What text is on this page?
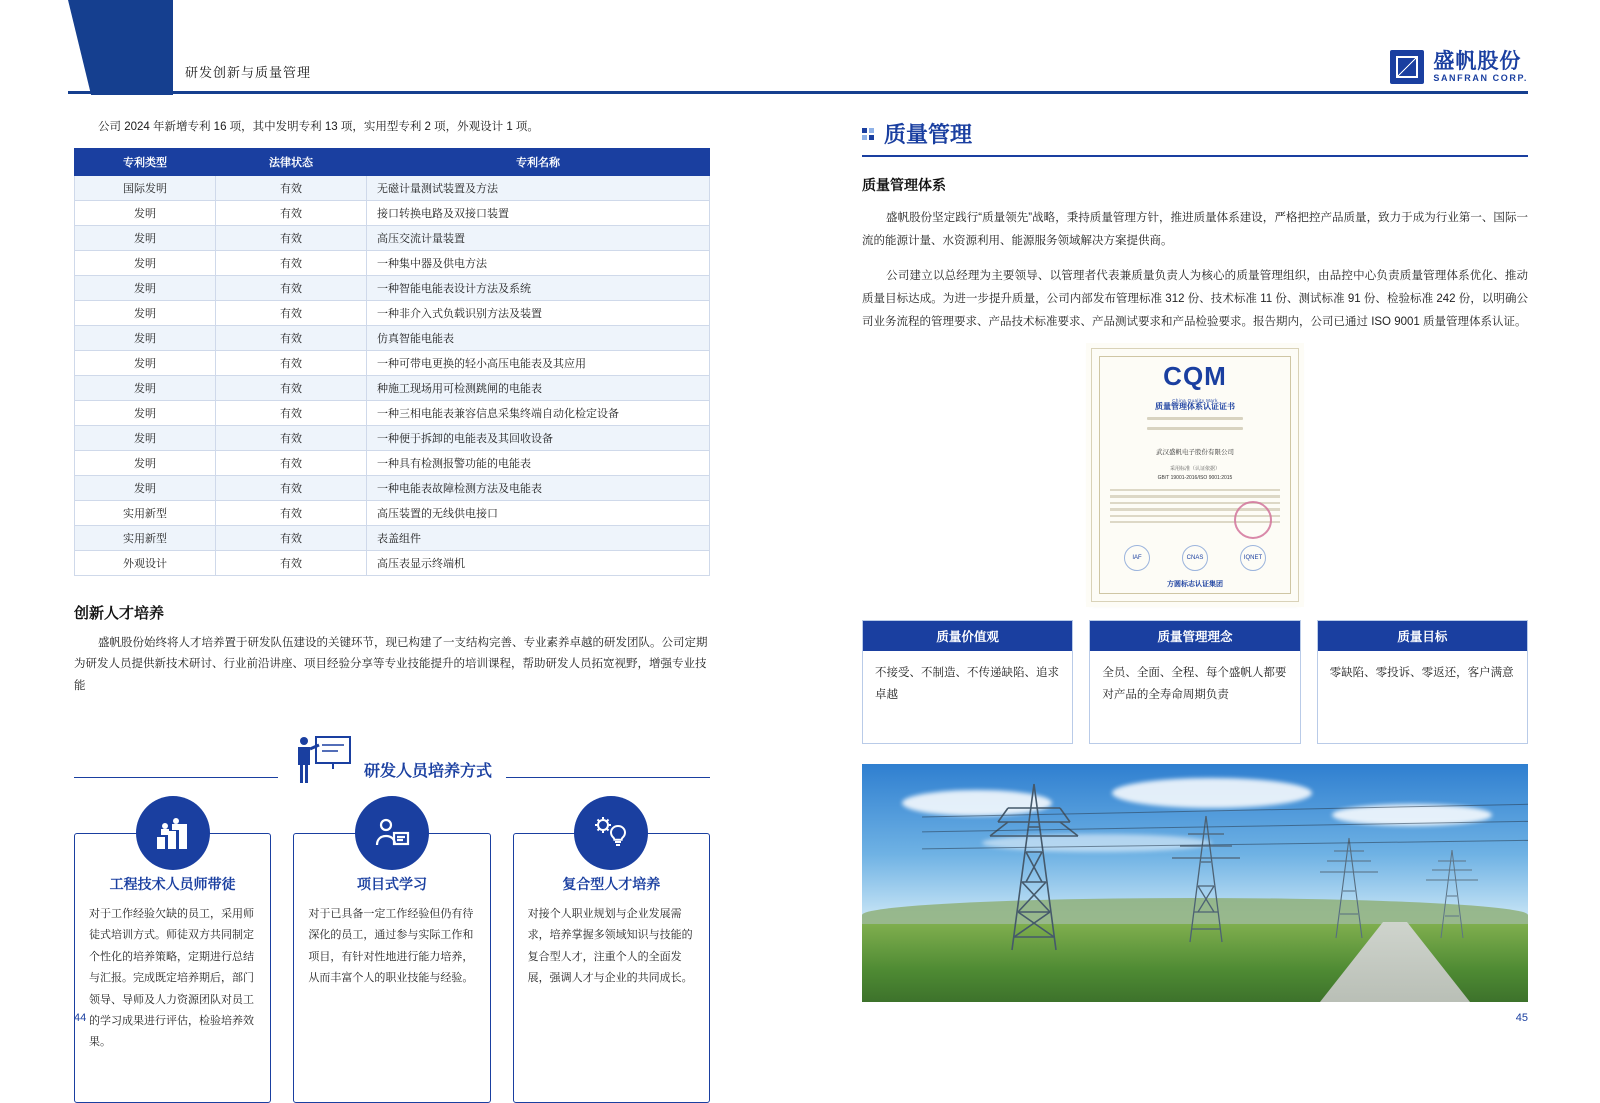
研发创新与质量管理	盛帆股份
SANFRAN CORP.

公司 2024 年新增专利 16 项，其中发明专利 13 项，实用型专利 2 项，外观设计 1 项。

专利类型	法律状态	专利名称
国际发明	有效	无磁计量测试装置及方法
发明	有效	接口转换电路及双接口装置
发明	有效	高压交流计量装置
发明	有效	一种集中器及供电方法
发明	有效	一种智能电能表设计方法及系统
发明	有效	一种非介入式负载识别方法及装置
发明	有效	仿真智能电能表
发明	有效	一种可带电更换的轻小高压电能表及其应用
发明	有效	种施工现场用可检测跳闸的电能表
发明	有效	一种三相电能表兼容信息采集终端自动化检定设备
发明	有效	一种便于拆卸的电能表及其回收设备
发明	有效	一种具有检测报警功能的电能表
发明	有效	一种电能表故障检测方法及电能表
实用新型	有效	高压装置的无线供电接口
实用新型	有效	表盖组件
外观设计	有效	高压表显示终端机
创新人才培养

盛帆股份始终将人才培养置于研发队伍建设的关键环节，现已构建了一支结构完善、专业素养卓越的研发团队。公司定期为研发人员提供新技术研讨、行业前沿讲座、项目经验分享等专业技能提升的培训课程，帮助研发人员拓宽视野，增强专业技能

研发人员培养方式
工程技术人员师带徒
对于工作经验欠缺的员工，采用师徒式培训方式。师徒双方共同制定个性化的培养策略，定期进行总结与汇报。完成既定培养期后，部门领导、导师及人力资源团队对员工的学习成果进行评估，检验培养效果。
项目式学习
对于已具备一定工作经验但仍有待深化的员工，通过参与实际工作和项目，有针对性地进行能力培养，从而丰富个人的职业技能与经验。
复合型人才培养
对接个人职业规划与企业发展需求，培养掌握多领域知识与技能的复合型人才，注重个人的全面发展，强调人才与企业的共同成长。
44
质量管理
质量管理体系

盛帆股份坚定践行“质量领先”战略，秉持质量管理方针，推进质量体系建设，严格把控产品质量，致力于成为行业第一、国际一流的能源计量、水资源利用、能源服务领域解决方案提供商。

公司建立以总经理为主要领导、以管理者代表兼质量负责人为核心的质量管理组织，由品控中心负责质量管理体系优化、推动质量目标达成。为进一步提升质量，公司内部发布管理标准 312 份、技术标准 11 份、测试标准 91 份、检验标准 242 份，以明确公司业务流程的管理要求、产品技术标准要求、产品测试要求和产品检验要求。报告期内，公司已通过 ISO 9001 质量管理体系认证。

CQM
China Quality Mark
质量管理体系认证证书
武汉盛帆电子股份有限公司
采用标准（认证依据）
GB/T 19001-2016/ISO 9001:2015
IAF	CNAS	IQNET
方圆标志认证集团
质量价值观
不接受、不制造、不传递缺陷、追求卓越
质量管理理念
全员、全面、全程、每个盛帆人都要对产品的全寿命周期负责
质量目标
零缺陷、零投诉、零返还，客户满意
45
